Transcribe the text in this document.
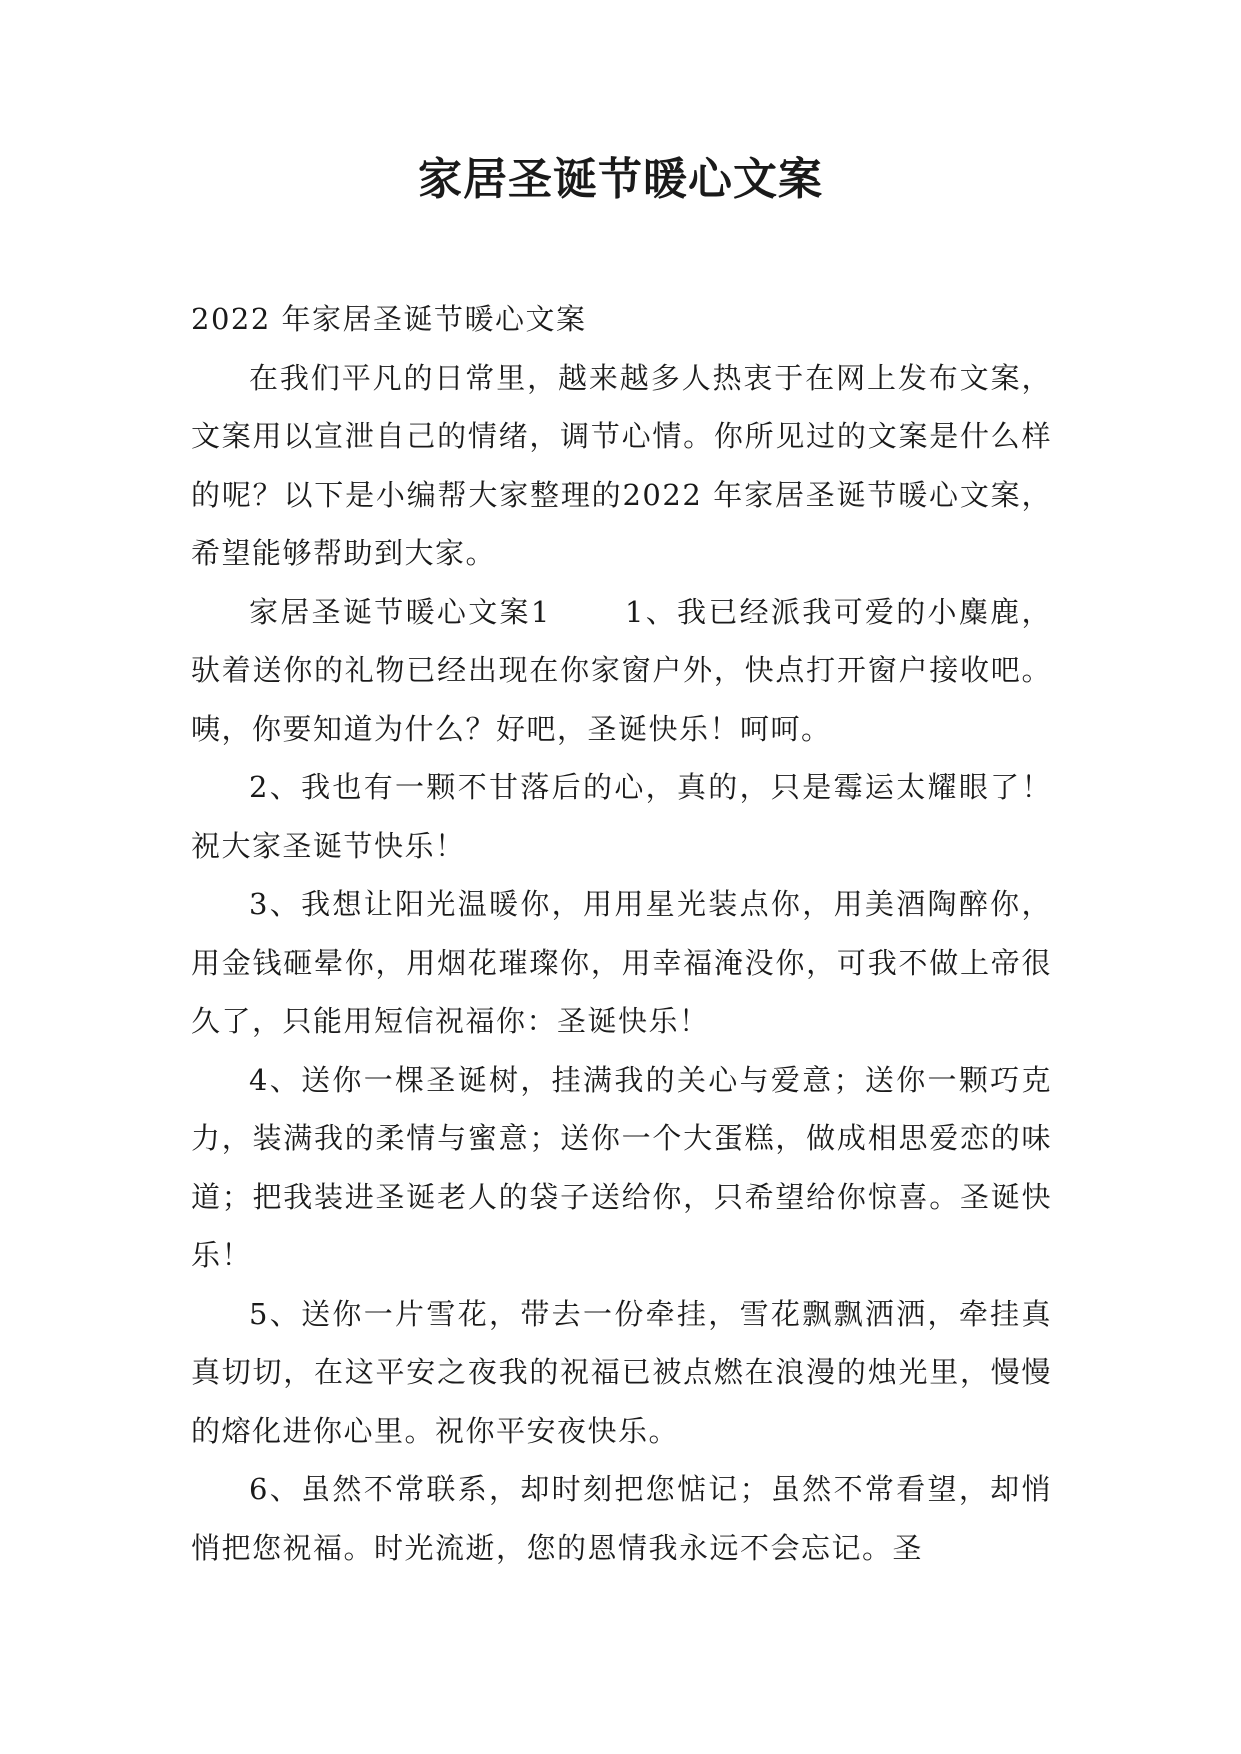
家居圣诞节暖心文案

2022 年家居圣诞节暖心文案

在我们平凡的日常里，越来越多人热衷于在网上发布文案，文案用以宣泄自己的情绪，调节心情。你所见过的文案是什么样的呢？以下是小编帮大家整理的2022 年家居圣诞节暖心文案，希望能够帮助到大家。

家居圣诞节暖心文案1 　　1、我已经派我可爱的小麋鹿，驮着送你的礼物已经出现在你家窗户外，快点打开窗户接收吧。咦，你要知道为什么？好吧，圣诞快乐！呵呵。

2、我也有一颗不甘落后的心，真的，只是霉运太耀眼了！祝大家圣诞节快乐！

3、我想让阳光温暖你，用用星光装点你，用美酒陶醉你，用金钱砸晕你，用烟花璀璨你，用幸福淹没你，可我不做上帝很久了，只能用短信祝福你：圣诞快乐！

4、送你一棵圣诞树，挂满我的关心与爱意；送你一颗巧克力，装满我的柔情与蜜意；送你一个大蛋糕，做成相思爱恋的味道；把我装进圣诞老人的袋子送给你，只希望给你惊喜。圣诞快乐！

5、送你一片雪花，带去一份牵挂，雪花飘飘洒洒，牵挂真真切切，在这平安之夜我的祝福已被点燃在浪漫的烛光里，慢慢的熔化进你心里。祝你平安夜快乐。

6、虽然不常联系，却时刻把您惦记；虽然不常看望，却悄悄把您祝福。时光流逝，您的恩情我永远不会忘记。圣
